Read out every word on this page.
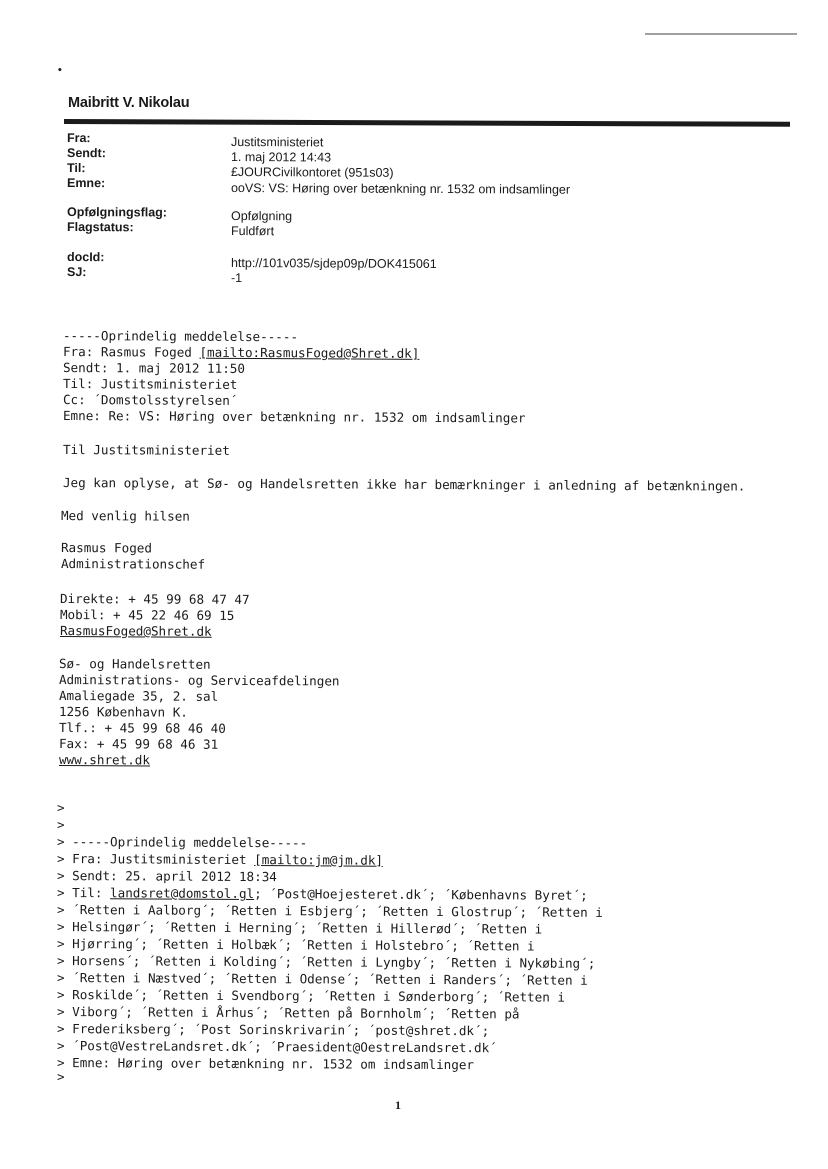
•
Maibritt V. Nikolau
Fra:	Justitsministeriet
Sendt:	1. maj 2012 14:43
Til:	£JOURCivilkontoret (951s03)
Emne:	ooVS: VS: Høring over betænkning nr. 1532 om indsamlinger
Opfølgningsflag:	Opfølgning
Flagstatus:	Fuldført
docId:	http://101v035/sjdep09p/DOK415061
SJ:	-1
-----Oprindelig meddelelse-----
Fra: Rasmus Foged [mailto:RasmusFoged@Shret.dk]
Sendt: 1. maj 2012 11:50
Til: Justitsministeriet
Cc: ´Domstolsstyrelsen´
Emne: Re: VS: Høring over betænkning nr. 1532 om indsamlinger
Til Justitsministeriet
Jeg kan oplyse, at Sø- og Handelsretten ikke har bemærkninger i anledning af betænkningen.
Med venlig hilsen
Rasmus Foged
Administrationschef
Direkte: + 45 99 68 47 47
Mobil: + 45 22 46 69 15
RasmusFoged@Shret.dk
Sø- og Handelsretten
Administrations- og Serviceafdelingen
Amaliegade 35, 2. sal
1256 København K.
Tlf.: + 45 99 68 46 40
Fax: + 45 99 68 46 31
www.shret.dk
>
>
> -----Oprindelig meddelelse-----
> Fra: Justitsministeriet [mailto:jm@jm.dk]
> Sendt: 25. april 2012 18:34
> Til: landsret@domstol.gl; ´Post@Hoejesteret.dk´; ´Københavns Byret´;
> ´Retten i Aalborg´; ´Retten i Esbjerg´; ´Retten i Glostrup´; ´Retten i
> Helsingør´; ´Retten i Herning´; ´Retten i Hillerød´; ´Retten i
> Hjørring´; ´Retten i Holbæk´; ´Retten i Holstebro´; ´Retten i
> Horsens´; ´Retten i Kolding´; ´Retten i Lyngby´; ´Retten i Nykøbing´;
> ´Retten i Næstved´; ´Retten i Odense´; ´Retten i Randers´; ´Retten i
> Roskilde´; ´Retten i Svendborg´; ´Retten i Sønderborg´; ´Retten i
> Viborg´; ´Retten i Århus´; ´Retten på Bornholm´; ´Retten på
> Frederiksberg´; ´Post Sorinskrivarin´; ´post@shret.dk´;
> ´Post@VestreLandsret.dk´; ´Praesident@OestreLandsret.dk´
> Emne: Høring over betænkning nr. 1532 om indsamlinger
>
1
